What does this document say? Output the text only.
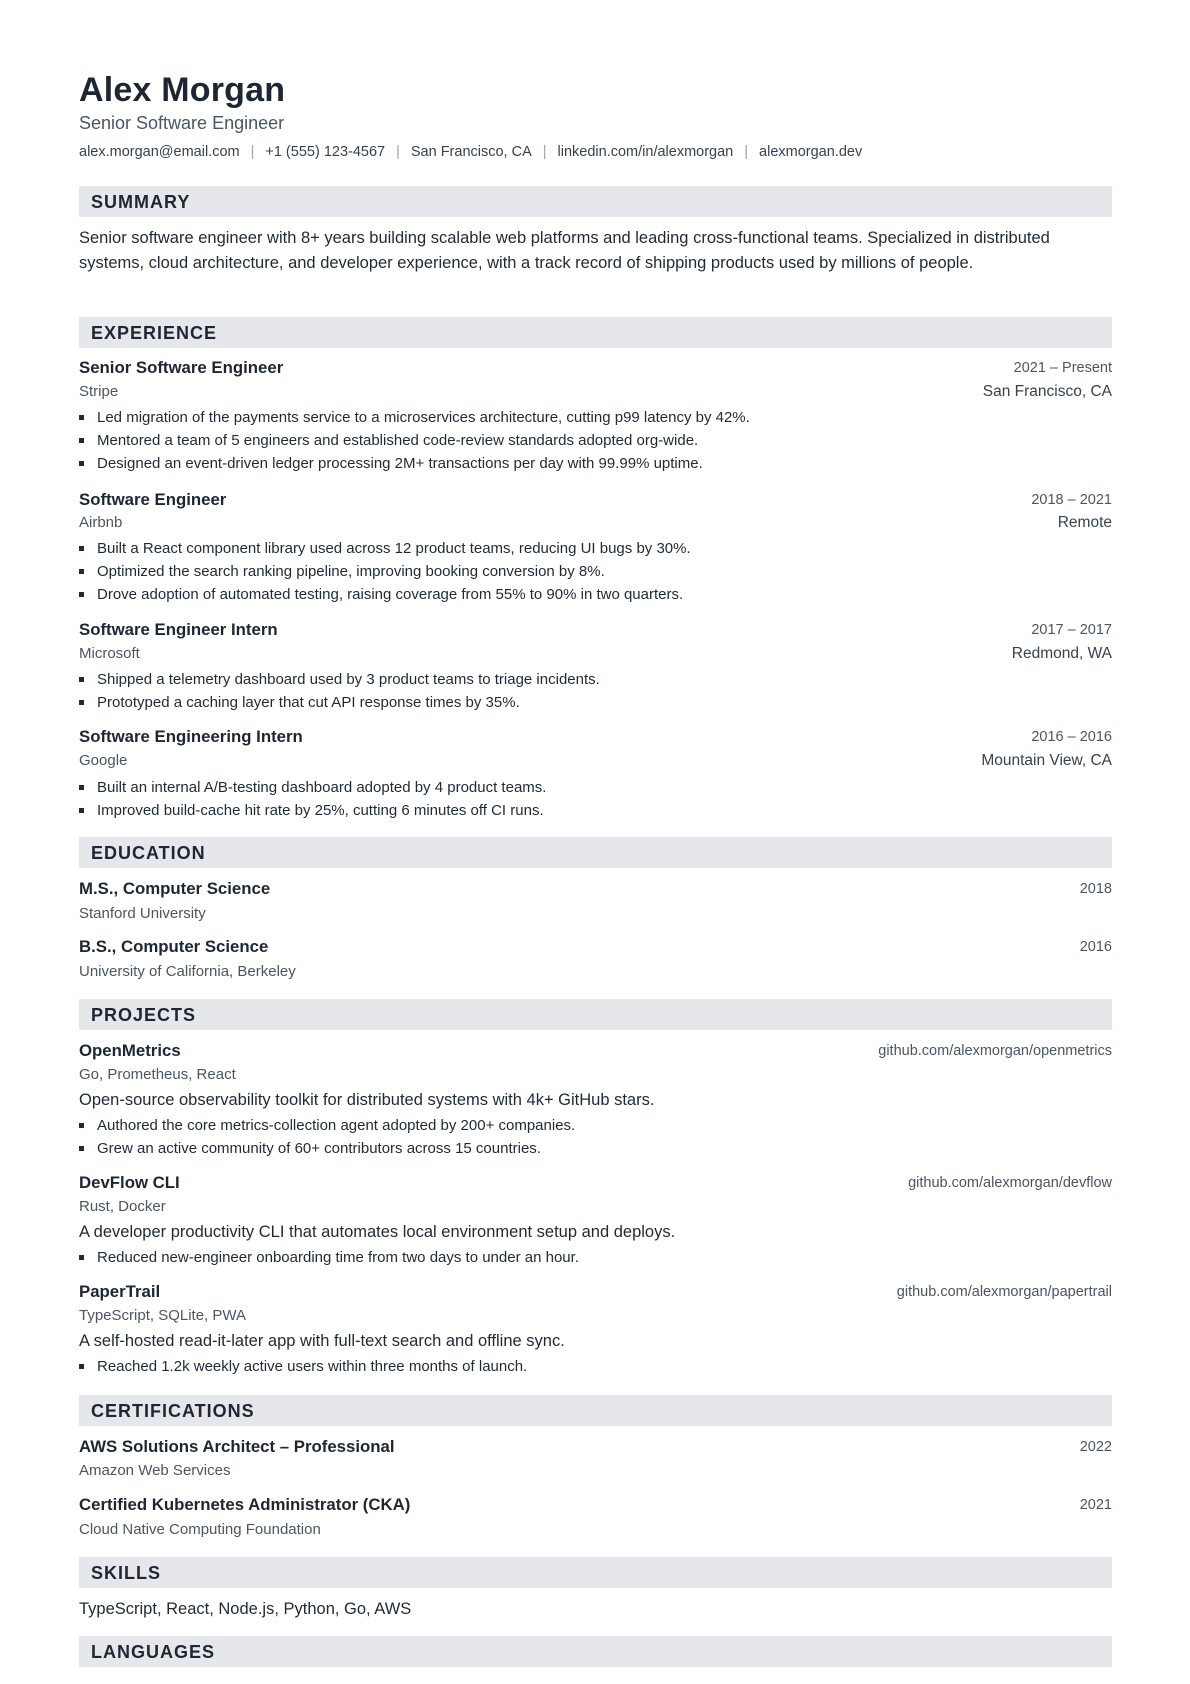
Alex Morgan
Senior Software Engineer
alex.morgan@email.com | +1 (555) 123-4567 | San Francisco, CA | linkedin.com/in/alexmorgan | alexmorgan.dev
SUMMARY
Senior software engineer with 8+ years building scalable web platforms and leading cross-functional teams. Specialized in distributed systems, cloud architecture, and developer experience, with a track record of shipping products used by millions of people.
EXPERIENCE
Senior Software Engineer	2021 – Present
Stripe	San Francisco, CA
Led migration of the payments service to a microservices architecture, cutting p99 latency by 42%.
Mentored a team of 5 engineers and established code-review standards adopted org-wide.
Designed an event-driven ledger processing 2M+ transactions per day with 99.99% uptime.
Software Engineer	2018 – 2021
Airbnb	Remote
Built a React component library used across 12 product teams, reducing UI bugs by 30%.
Optimized the search ranking pipeline, improving booking conversion by 8%.
Drove adoption of automated testing, raising coverage from 55% to 90% in two quarters.
Software Engineer Intern	2017 – 2017
Microsoft	Redmond, WA
Shipped a telemetry dashboard used by 3 product teams to triage incidents.
Prototyped a caching layer that cut API response times by 35%.
Software Engineering Intern	2016 – 2016
Google	Mountain View, CA
Built an internal A/B-testing dashboard adopted by 4 product teams.
Improved build-cache hit rate by 25%, cutting 6 minutes off CI runs.
EDUCATION
M.S., Computer Science	2018
Stanford University
B.S., Computer Science	2016
University of California, Berkeley
PROJECTS
OpenMetrics	github.com/alexmorgan/openmetrics
Go, Prometheus, React
Open-source observability toolkit for distributed systems with 4k+ GitHub stars.
Authored the core metrics-collection agent adopted by 200+ companies.
Grew an active community of 60+ contributors across 15 countries.
DevFlow CLI	github.com/alexmorgan/devflow
Rust, Docker
A developer productivity CLI that automates local environment setup and deploys.
Reduced new-engineer onboarding time from two days to under an hour.
PaperTrail	github.com/alexmorgan/papertrail
TypeScript, SQLite, PWA
A self-hosted read-it-later app with full-text search and offline sync.
Reached 1.2k weekly active users within three months of launch.
CERTIFICATIONS
AWS Solutions Architect – Professional	2022
Amazon Web Services
Certified Kubernetes Administrator (CKA)	2021
Cloud Native Computing Foundation
SKILLS
TypeScript, React, Node.js, Python, Go, AWS
LANGUAGES
